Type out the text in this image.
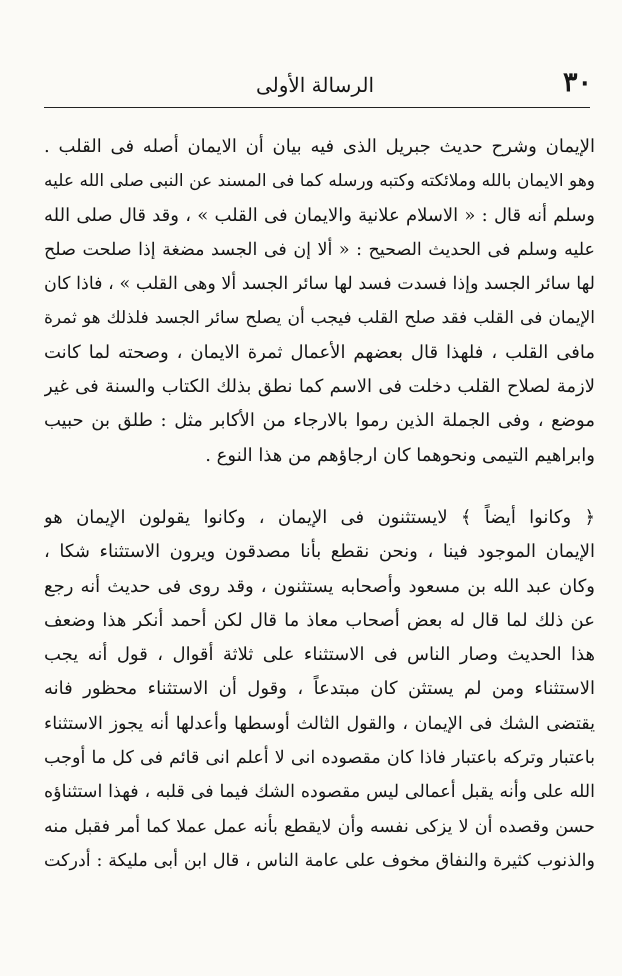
٣٠
الرسالة الأولى
الإيمان وشرح حديث جبريل الذى فيه بيان أن الايمان أصله فى القلب .
وهو الايمان بالله وملائكته وكتبه ورسله كما فى المسند عن النبى صلى الله عليه
وسلم أنه قال : « الاسلام علانية والايمان فى القلب » ، وقد قال صلى الله
عليه وسلم فى الحديث الصحيح : « ألا إن فى الجسد مضغة إذا صلحت صلح
لها سائر الجسد وإذا فسدت فسد لها سائر الجسد ألا وهى القلب » ، فاذا كان
الإيمان فى القلب فقد صلح القلب فيجب أن يصلح سائر الجسد فلذلك هو ثمرة
مافى القلب ، فلهذا قال بعضهم الأعمال ثمرة الايمان ، وصحته لما كانت
لازمة لصلاح القلب دخلت فى الاسم كما نطق بذلك الكتاب والسنة فى غير
موضع ، وفى الجملة الذين رموا بالارجاء من الأكابر مثل : طلق بن حبيب
وابراهيم التيمى ونحوهما كان ارجاؤهم من هذا النوع .
﴿ وكانوا أيضاً ﴾ لايستثنون فى الإيمان ، وكانوا يقولون الإيمان هو
الإيمان الموجود فينا ، ونحن نقطع بأنا مصدقون ويرون الاستثناء شكا ،
وكان عبد الله بن مسعود وأصحابه يستثنون ، وقد روى فى حديث أنه رجع
عن ذلك لما قال له بعض أصحاب معاذ ما قال لكن أحمد أنكر هذا وضعف
هذا الحديث وصار الناس فى الاستثناء على ثلاثة أقوال ، قول أنه يجب
الاستثناء ومن لم يستثن كان مبتدعاً ، وقول أن الاستثناء محظور فانه
يقتضى الشك فى الإيمان ، والقول الثالث أوسطها وأعدلها أنه يجوز الاستثناء
باعتبار وتركه باعتبار فاذا كان مقصوده انى لا أعلم انى قائم فى كل ما أوجب
الله على وأنه يقبل أعمالى ليس مقصوده الشك فيما فى قلبه ، فهذا استثناؤه
حسن وقصده أن لا يزكى نفسه وأن لايقطع بأنه عمل عملا كما أمر فقبل منه
والذنوب كثيرة والنفاق مخوف على عامة الناس ، قال ابن أبى مليكة : أدركت
